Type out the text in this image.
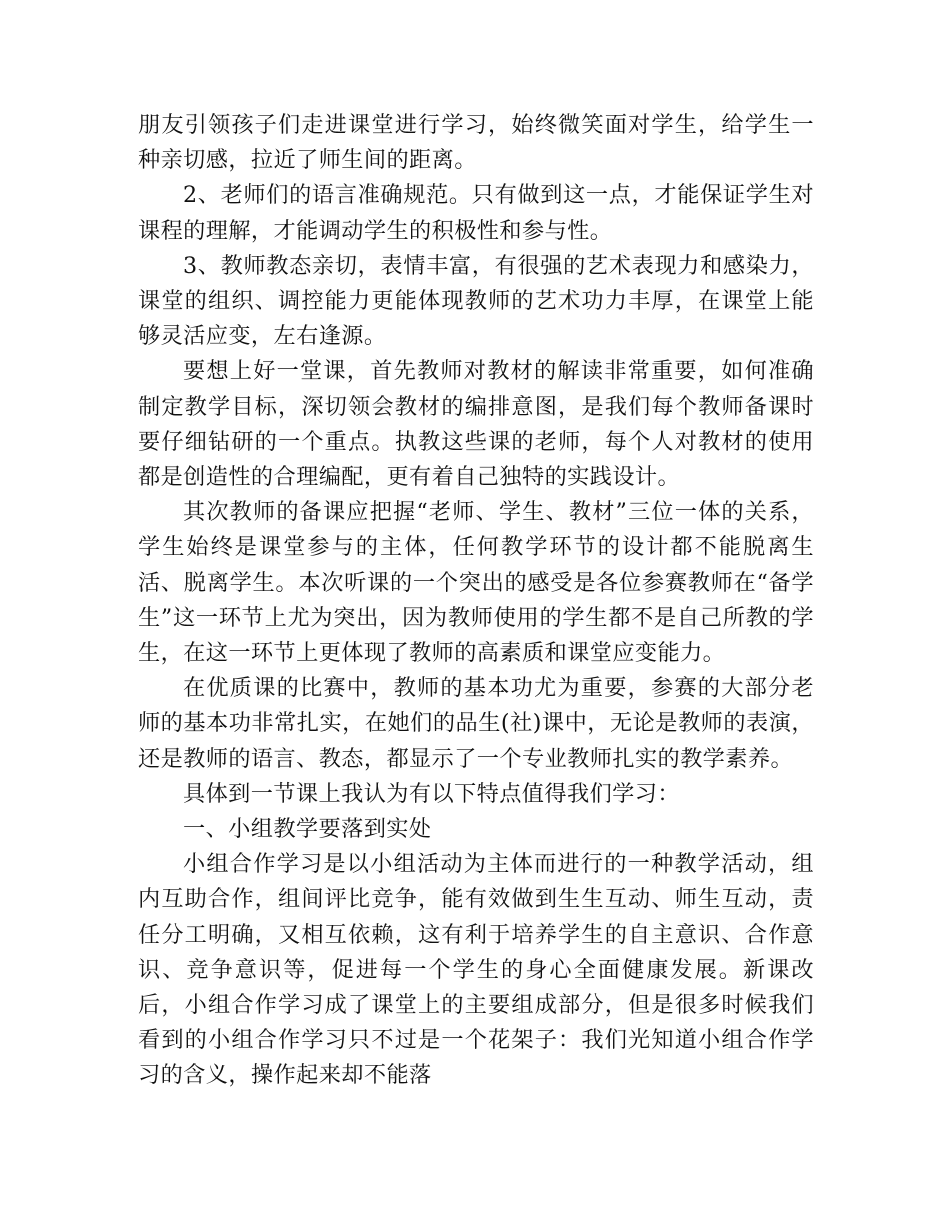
朋友引领孩子们走进课堂进行学习，始终微笑面对学生，给学生一种亲切感，拉近了师生间的距离。

2、老师们的语言准确规范。只有做到这一点，才能保证学生对课程的理解，才能调动学生的积极性和参与性。

3、教师教态亲切，表情丰富，有很强的艺术表现力和感染力，课堂的组织、调控能力更能体现教师的艺术功力丰厚，在课堂上能够灵活应变，左右逢源。

要想上好一堂课，首先教师对教材的解读非常重要，如何准确制定教学目标，深切领会教材的编排意图，是我们每个教师备课时要仔细钻研的一个重点。执教这些课的老师，每个人对教材的使用都是创造性的合理编配，更有着自己独特的实践设计。

其次教师的备课应把握“老师、学生、教材”三位一体的关系，学生始终是课堂参与的主体，任何教学环节的设计都不能脱离生活、脱离学生。本次听课的一个突出的感受是各位参赛教师在“备学生”这一环节上尤为突出，因为教师使用的学生都不是自己所教的学生，在这一环节上更体现了教师的高素质和课堂应变能力。

在优质课的比赛中，教师的基本功尤为重要，参赛的大部分老师的基本功非常扎实，在她们的品生(社)课中，无论是教师的表演，还是教师的语言、教态，都显示了一个专业教师扎实的教学素养。

具体到一节课上我认为有以下特点值得我们学习：

一、小组教学要落到实处

小组合作学习是以小组活动为主体而进行的一种教学活动，组内互助合作，组间评比竞争，能有效做到生生互动、师生互动，责任分工明确，又相互依赖，这有利于培养学生的自主意识、合作意识、竞争意识等，促进每一个学生的身心全面健康发展。新课改后，小组合作学习成了课堂上的主要组成部分，但是很多时候我们看到的小组合作学习只不过是一个花架子：我们光知道小组合作学习的含义，操作起来却不能落
